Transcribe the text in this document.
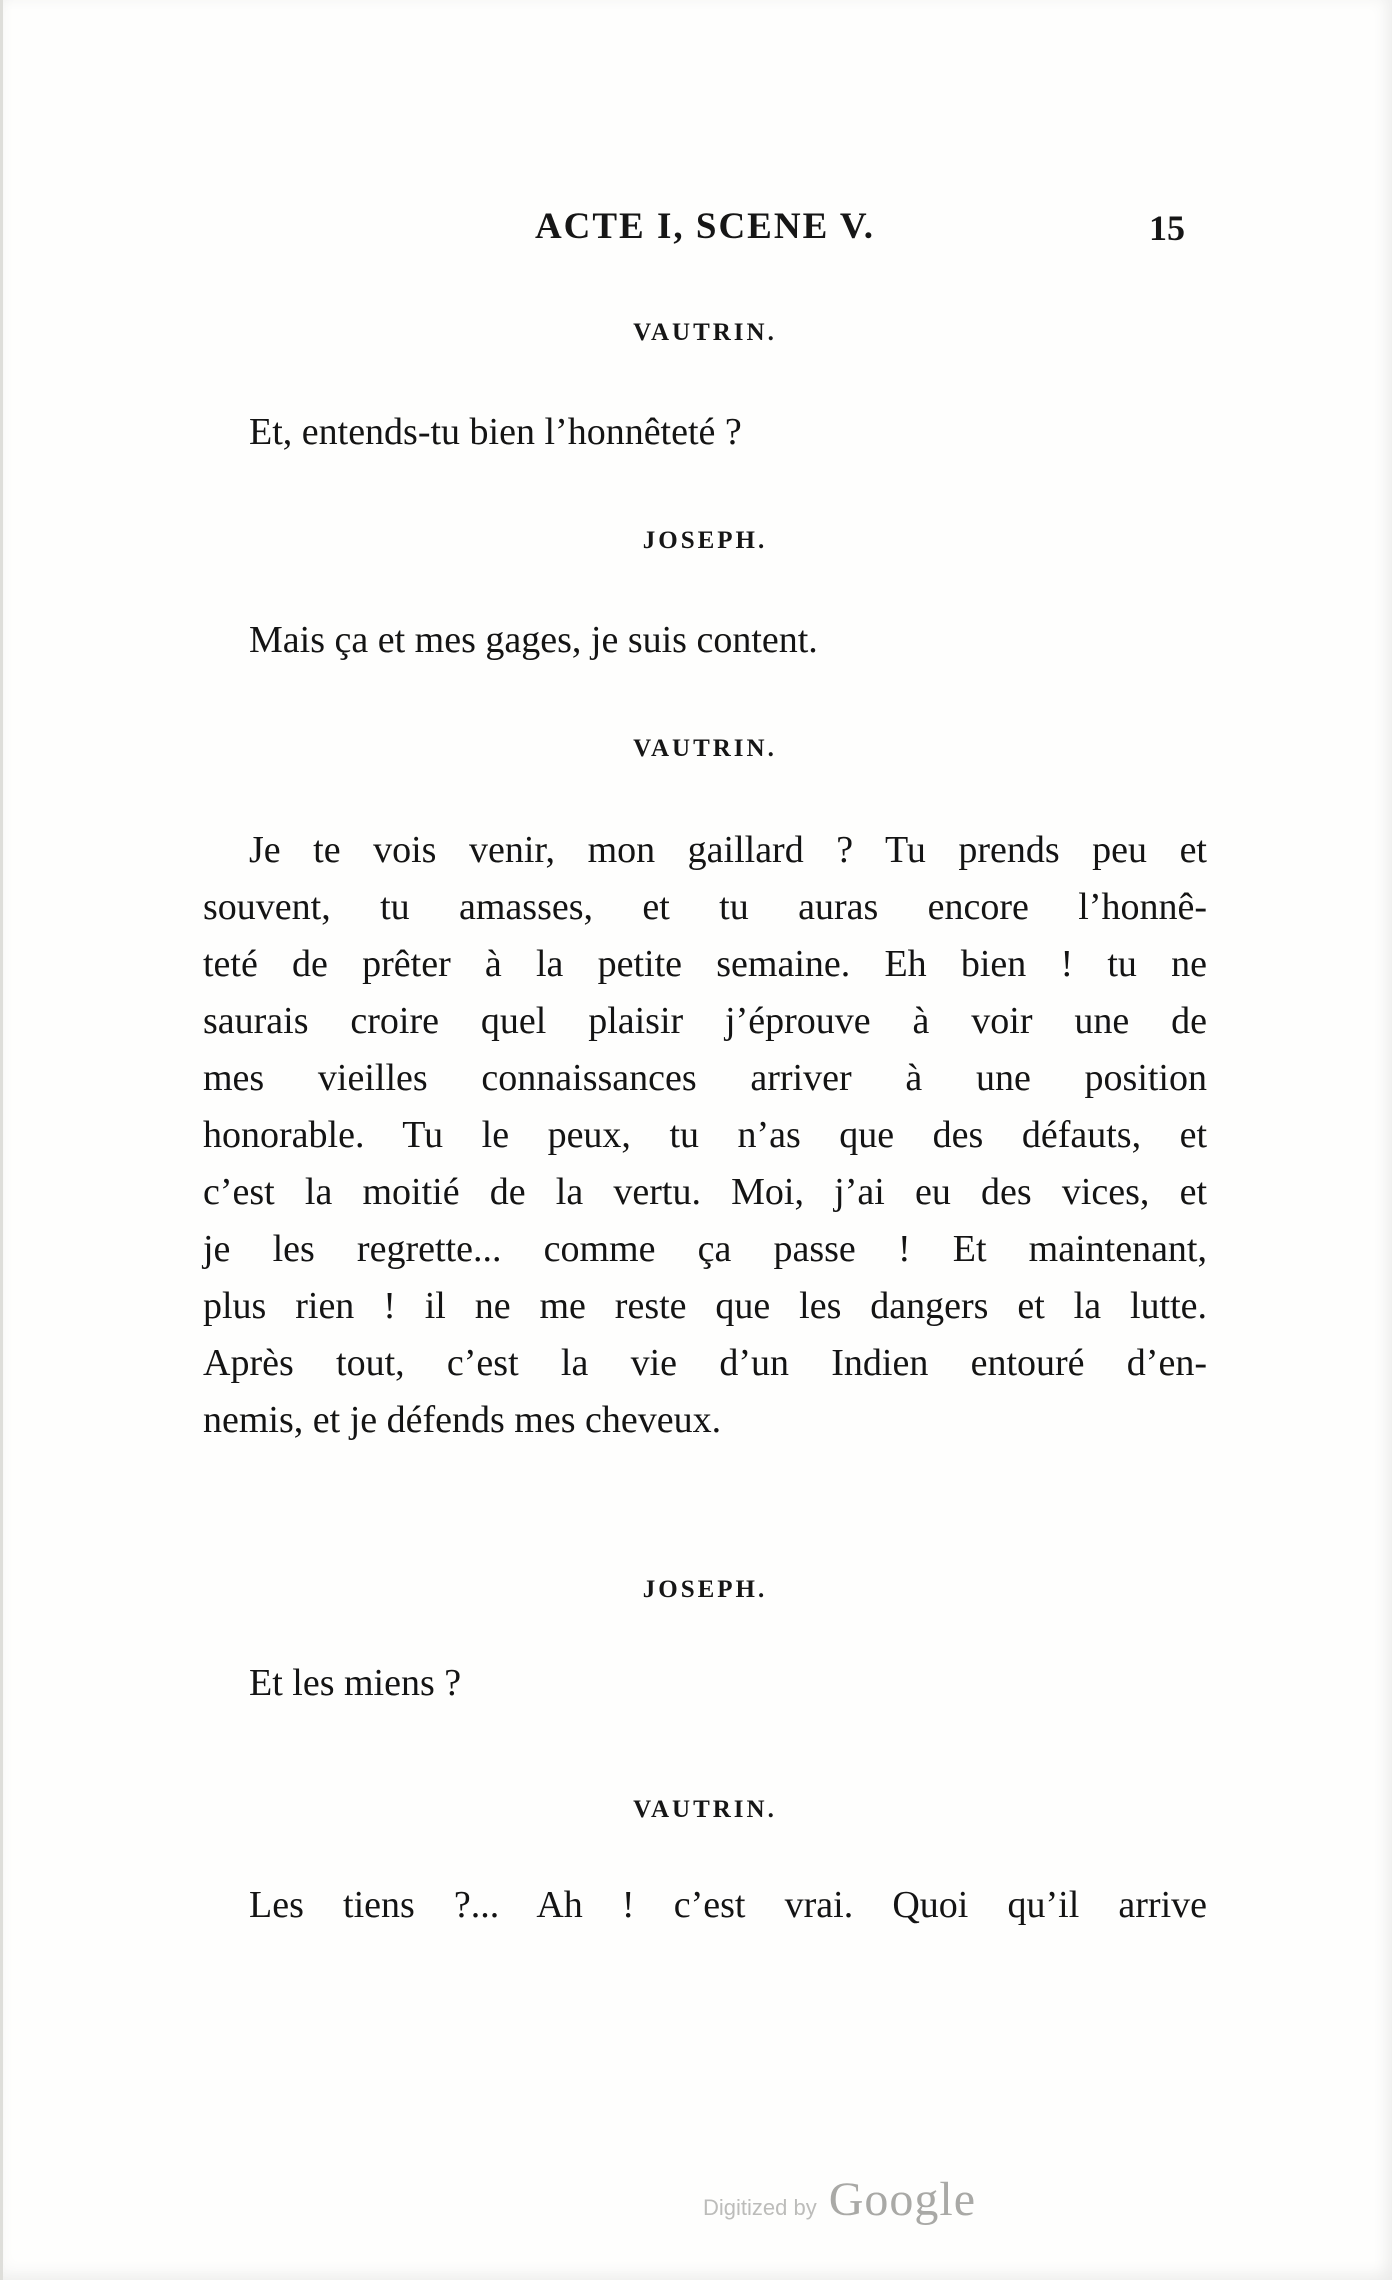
ACTE I, SCENE V.	15
VAUTRIN.

Et, entends-tu bien l’honnêteté ?

JOSEPH.

Mais ça et mes gages, je suis content.

VAUTRIN.
Je te vois venir, mon gaillard ? Tu prends peu et
souvent, tu amasses, et tu auras encore l’honnê-
teté de prêter à la petite semaine. Eh bien ! tu ne
saurais croire quel plaisir j’éprouve à voir une de
mes vieilles connaissances arriver à une position
honorable. Tu le peux, tu n’as que des défauts, et
c’est la moitié de la vertu. Moi, j’ai eu des vices, et
je les regrette... comme ça passe ! Et maintenant,
plus rien ! il ne me reste que les dangers et la lutte.
Après tout, c’est la vie d’un Indien entouré d’en-
nemis, et je défends mes cheveux.
JOSEPH.

Et les miens ?

VAUTRIN.
Les tiens ?... Ah ! c’est vrai. Quoi qu’il arrive
Digitized by Google
